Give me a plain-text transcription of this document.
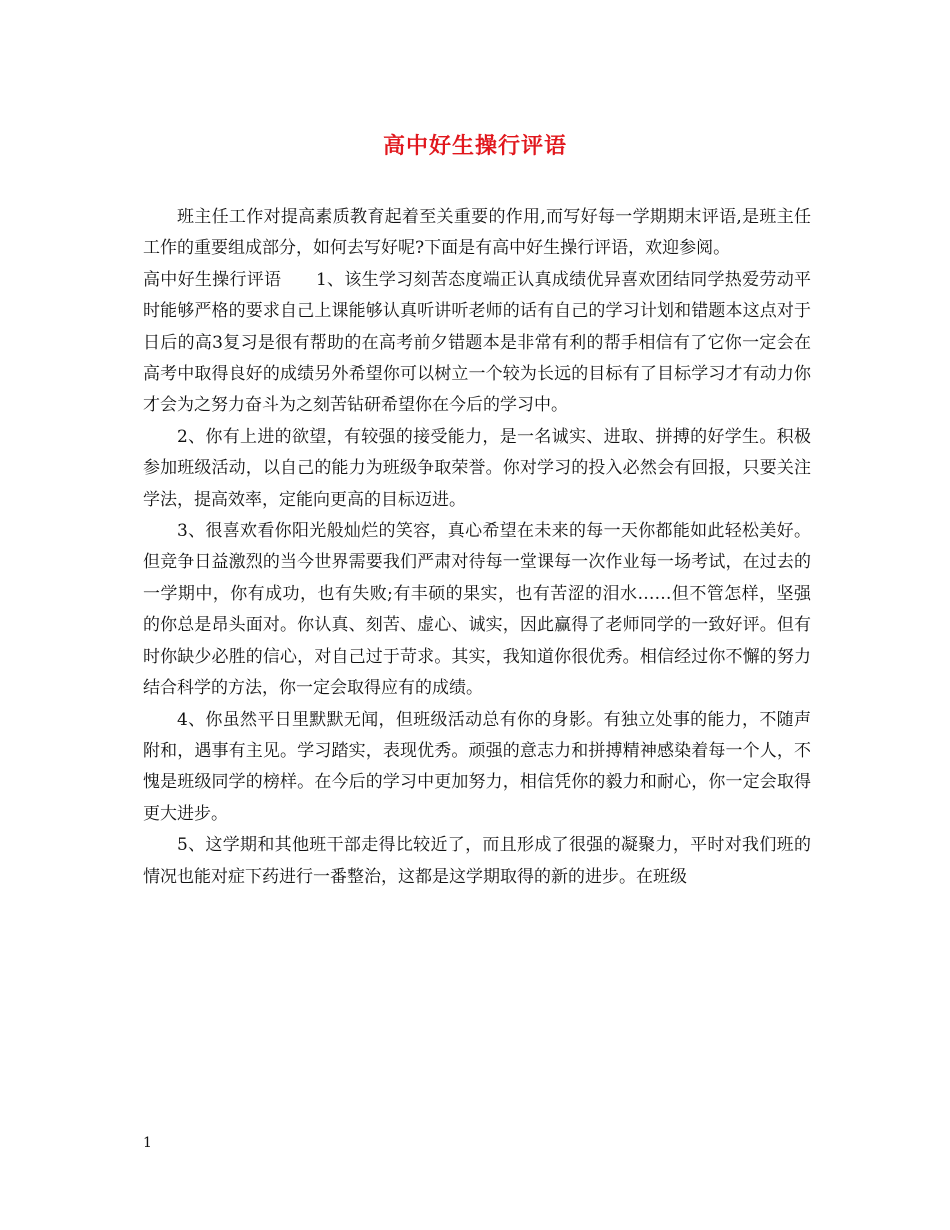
高中好生操行评语

班主任工作对提高素质教育起着至关重要的作用,而写好每一学期期末评语,是班主任工作的重要组成部分，如何去写好呢?下面是有高中好生操行评语，欢迎参阅。

高中好生操行评语　　1、该生学习刻苦态度端正认真成绩优异喜欢团结同学热爱劳动平时能够严格的要求自己上课能够认真听讲听老师的话有自己的学习计划和错题本这点对于日后的高3复习是很有帮助的在高考前夕错题本是非常有利的帮手相信有了它你一定会在高考中取得良好的成绩另外希望你可以树立一个较为长远的目标有了目标学习才有动力你才会为之努力奋斗为之刻苦钻研希望你在今后的学习中。

2、你有上进的欲望，有较强的接受能力，是一名诚实、进取、拼搏的好学生。积极参加班级活动，以自己的能力为班级争取荣誉。你对学习的投入必然会有回报，只要关注学法，提高效率，定能向更高的目标迈进。

3、很喜欢看你阳光般灿烂的笑容，真心希望在未来的每一天你都能如此轻松美好。但竞争日益激烈的当今世界需要我们严肃对待每一堂课每一次作业每一场考试，在过去的一学期中，你有成功，也有失败;有丰硕的果实，也有苦涩的泪水……但不管怎样，坚强的你总是昂头面对。你认真、刻苦、虚心、诚实，因此赢得了老师同学的一致好评。但有时你缺少必胜的信心，对自己过于苛求。其实，我知道你很优秀。相信经过你不懈的努力结合科学的方法，你一定会取得应有的成绩。

4、你虽然平日里默默无闻，但班级活动总有你的身影。有独立处事的能力，不随声附和，遇事有主见。学习踏实，表现优秀。顽强的意志力和拼搏精神感染着每一个人，不愧是班级同学的榜样。在今后的学习中更加努力，相信凭你的毅力和耐心，你一定会取得更大进步。

5、这学期和其他班干部走得比较近了，而且形成了很强的凝聚力，平时对我们班的情况也能对症下药进行一番整治，这都是这学期取得的新的进步。在班级

1
